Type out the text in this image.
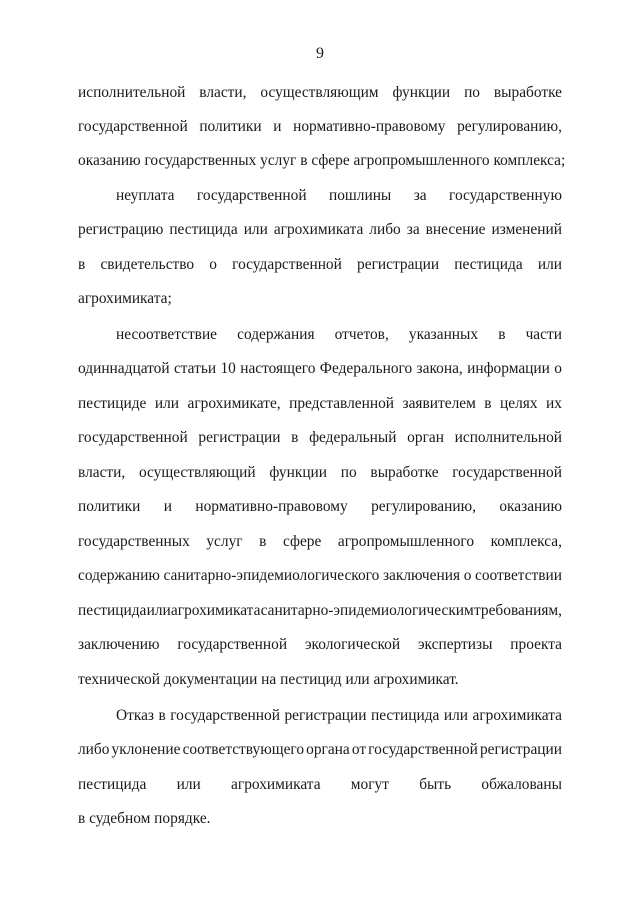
9
исполнительной власти, осуществляющим функции по выработке
государственной политики и нормативно-правовому регулированию,
оказанию государственных услуг в сфере агропромышленного комплекса;
неуплата государственной пошлины за государственную
регистрацию пестицида или агрохимиката либо за внесение изменений
в свидетельство о государственной регистрации пестицида или
агрохимиката;
несоответствие содержания отчетов, указанных в части
одиннадцатой статьи 10 настоящего Федерального закона, информации о
пестициде или агрохимикате, представленной заявителем в целях их
государственной регистрации в федеральный орган исполнительной
власти, осуществляющий функции по выработке государственной
политики и нормативно-правовому регулированию, оказанию
государственных услуг в сфере агропромышленного комплекса,
содержанию санитарно-эпидемиологического заключения о соответствии
пестицида или агрохимиката санитарно-эпидемиологическим требованиям,
заключению государственной экологической экспертизы проекта
технической документации на пестицид или агрохимикат.
Отказ в государственной регистрации пестицида или агрохимиката
либо уклонение соответствующего органа от государственной регистрации
пестицида или агрохимиката могут быть обжалованы
в судебном порядке.
